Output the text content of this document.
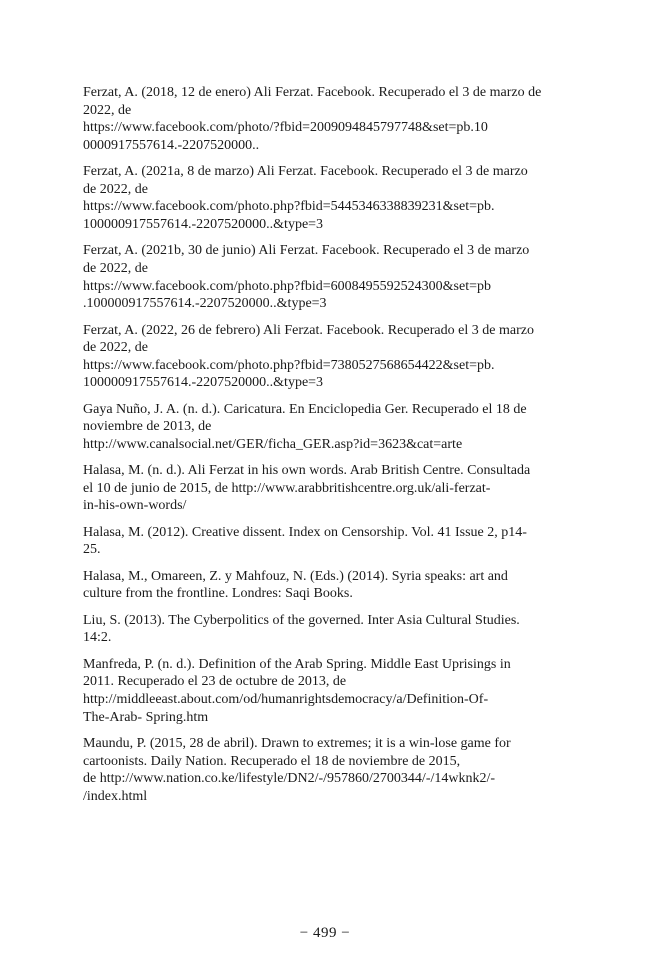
Ferzat, A. (2018, 12 de enero) Ali Ferzat. Facebook. Recuperado el 3 de marzo de
2022, de
https://www.facebook.com/photo/?fbid=2009094845797748&set=pb.10
0000917557614.-2207520000..
Ferzat, A. (2021a, 8 de marzo) Ali Ferzat. Facebook. Recuperado el 3 de marzo
de 2022, de
https://www.facebook.com/photo.php?fbid=5445346338839231&set=pb.
100000917557614.-2207520000..&type=3
Ferzat, A. (2021b, 30 de junio) Ali Ferzat. Facebook. Recuperado el 3 de marzo
de 2022, de
https://www.facebook.com/photo.php?fbid=6008495592524300&set=pb
.100000917557614.-2207520000..&type=3
Ferzat, A. (2022, 26 de febrero) Ali Ferzat. Facebook. Recuperado el 3 de marzo
de 2022, de
https://www.facebook.com/photo.php?fbid=7380527568654422&set=pb.
100000917557614.-2207520000..&type=3
Gaya Nuño, J. A. (n. d.). Caricatura. En Enciclopedia Ger. Recuperado el 18 de
noviembre de 2013, de
http://www.canalsocial.net/GER/ficha_GER.asp?id=3623&cat=arte
Halasa, M. (n. d.). Ali Ferzat in his own words. Arab British Centre. Consultada
el 10 de junio de 2015, de http://www.arabbritishcentre.org.uk/ali-ferzat-
in-his-own-words/
Halasa, M. (2012). Creative dissent. Index on Censorship. Vol. 41 Issue 2, p14-
25.
Halasa, M., Omareen, Z. y Mahfouz, N. (Eds.) (2014). Syria speaks: art and
culture from the frontline. Londres: Saqi Books.
Liu, S. (2013). The Cyberpolitics of the governed. Inter Asia Cultural Studies.
14:2.
Manfreda, P. (n. d.). Definition of the Arab Spring. Middle East Uprisings in
2011. Recuperado el 23 de octubre de 2013, de
http://middleeast.about.com/od/humanrightsdemocracy/a/Definition-Of-
The-Arab- Spring.htm
Maundu, P. (2015, 28 de abril). Drawn to extremes; it is a win-lose game for
cartoonists. Daily Nation. Recuperado el 18 de noviembre de 2015,
de http://www.nation.co.ke/lifestyle/DN2/-/957860/2700344/-/14wknk2/-
/index.html
− 499 −
